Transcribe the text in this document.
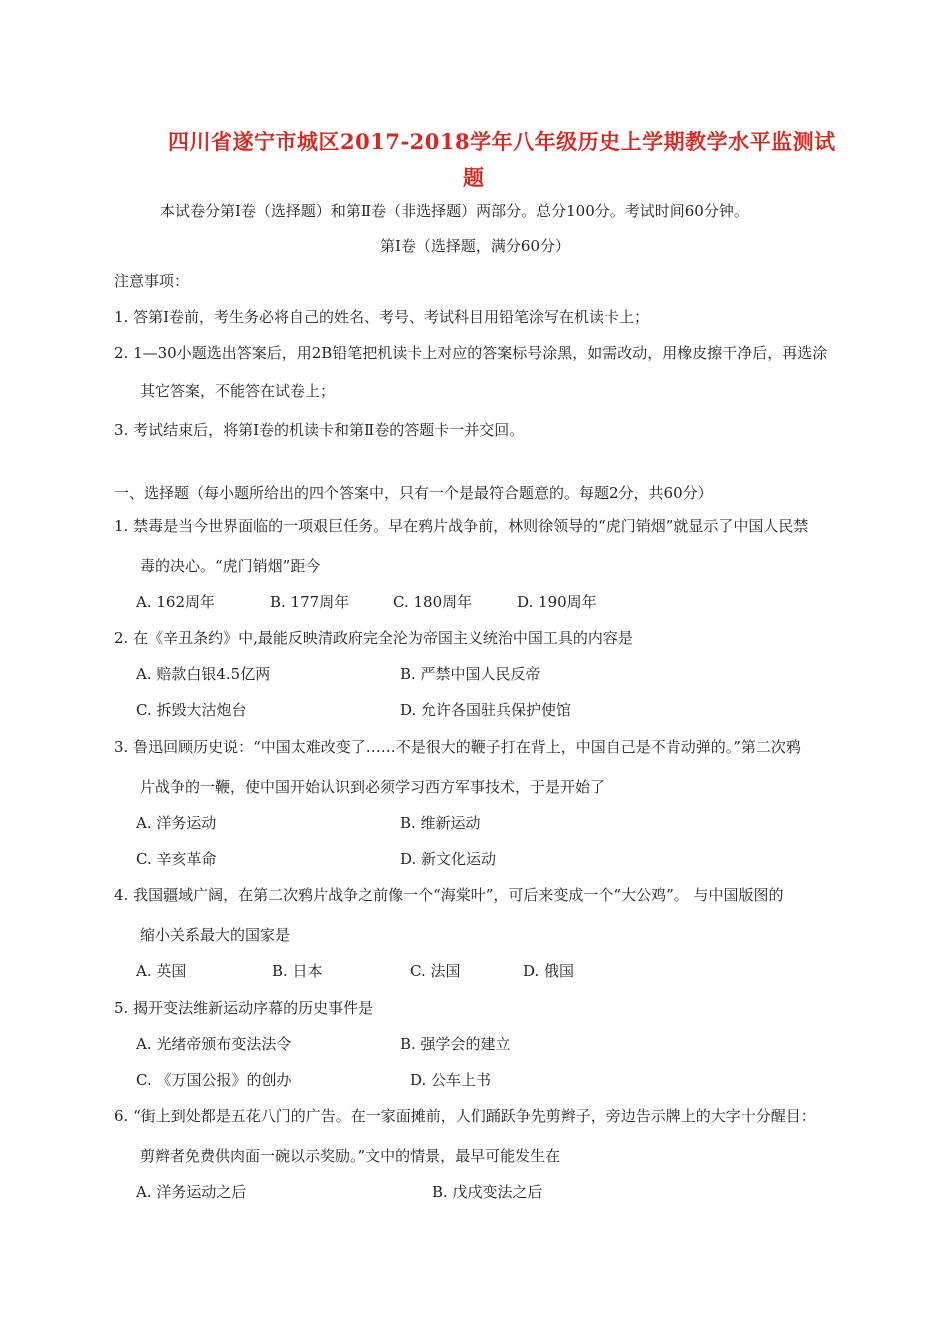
四川省遂宁市城区2017-2018学年八年级历史上学期教学水平监测试
题
本试卷分第Ⅰ卷（选择题）和第Ⅱ卷（非选择题）两部分。总分100分。考试时间60分钟。
第Ⅰ卷（选择题，满分60分）
注意事项：
1. 答第Ⅰ卷前，考生务必将自己的姓名、考号、考试科目用铅笔涂写在机读卡上；
2. 1—30小题选出答案后，用2B铅笔把机读卡上对应的答案标号涂黑，如需改动，用橡皮擦干净后，再选涂
其它答案，不能答在试卷上；
3. 考试结束后，将第Ⅰ卷的机读卡和第Ⅱ卷的答题卡一并交回。
一、选择题（每小题所给出的四个答案中，只有一个是最符合题意的。每题2分，共60分）
1. 禁毒是当今世界面临的一项艰巨任务。早在鸦片战争前，林则徐领导的“虎门销烟”就显示了中国人民禁
毒的决心。“虎门销烟”距今
A. 162周年	B. 177周年	C. 180周年	D. 190周年
2. 在《辛丑条约》中,最能反映清政府完全沦为帝国主义统治中国工具的内容是
A. 赔款白银4.5亿两	B. 严禁中国人民反帝
C. 拆毁大沽炮台	D. 允许各国驻兵保护使馆
3. 鲁迅回顾历史说：“中国太难改变了……不是很大的鞭子打在背上，中国自己是不肯动弹的。”第二次鸦
片战争的一鞭，使中国开始认识到必须学习西方军事技术，于是开始了
A. 洋务运动	B. 维新运动
C. 辛亥革命	D. 新文化运动
4. 我国疆域广阔，在第二次鸦片战争之前像一个“海棠叶”，可后来变成一个“大公鸡”。 与中国版图的
缩小关系最大的国家是
A. 英国	B. 日本	C. 法国	D. 俄国
5. 揭开变法维新运动序幕的历史事件是
A. 光绪帝颁布变法法令	B. 强学会的建立
C. 《万国公报》的创办	D. 公车上书
6. “街上到处都是五花八门的广告。在一家面摊前，人们踊跃争先剪辫子，旁边告示牌上的大字十分醒目：
剪辫者免费供肉面一碗以示奖励。”文中的情景，最早可能发生在
A. 洋务运动之后	B. 戊戌变法之后
